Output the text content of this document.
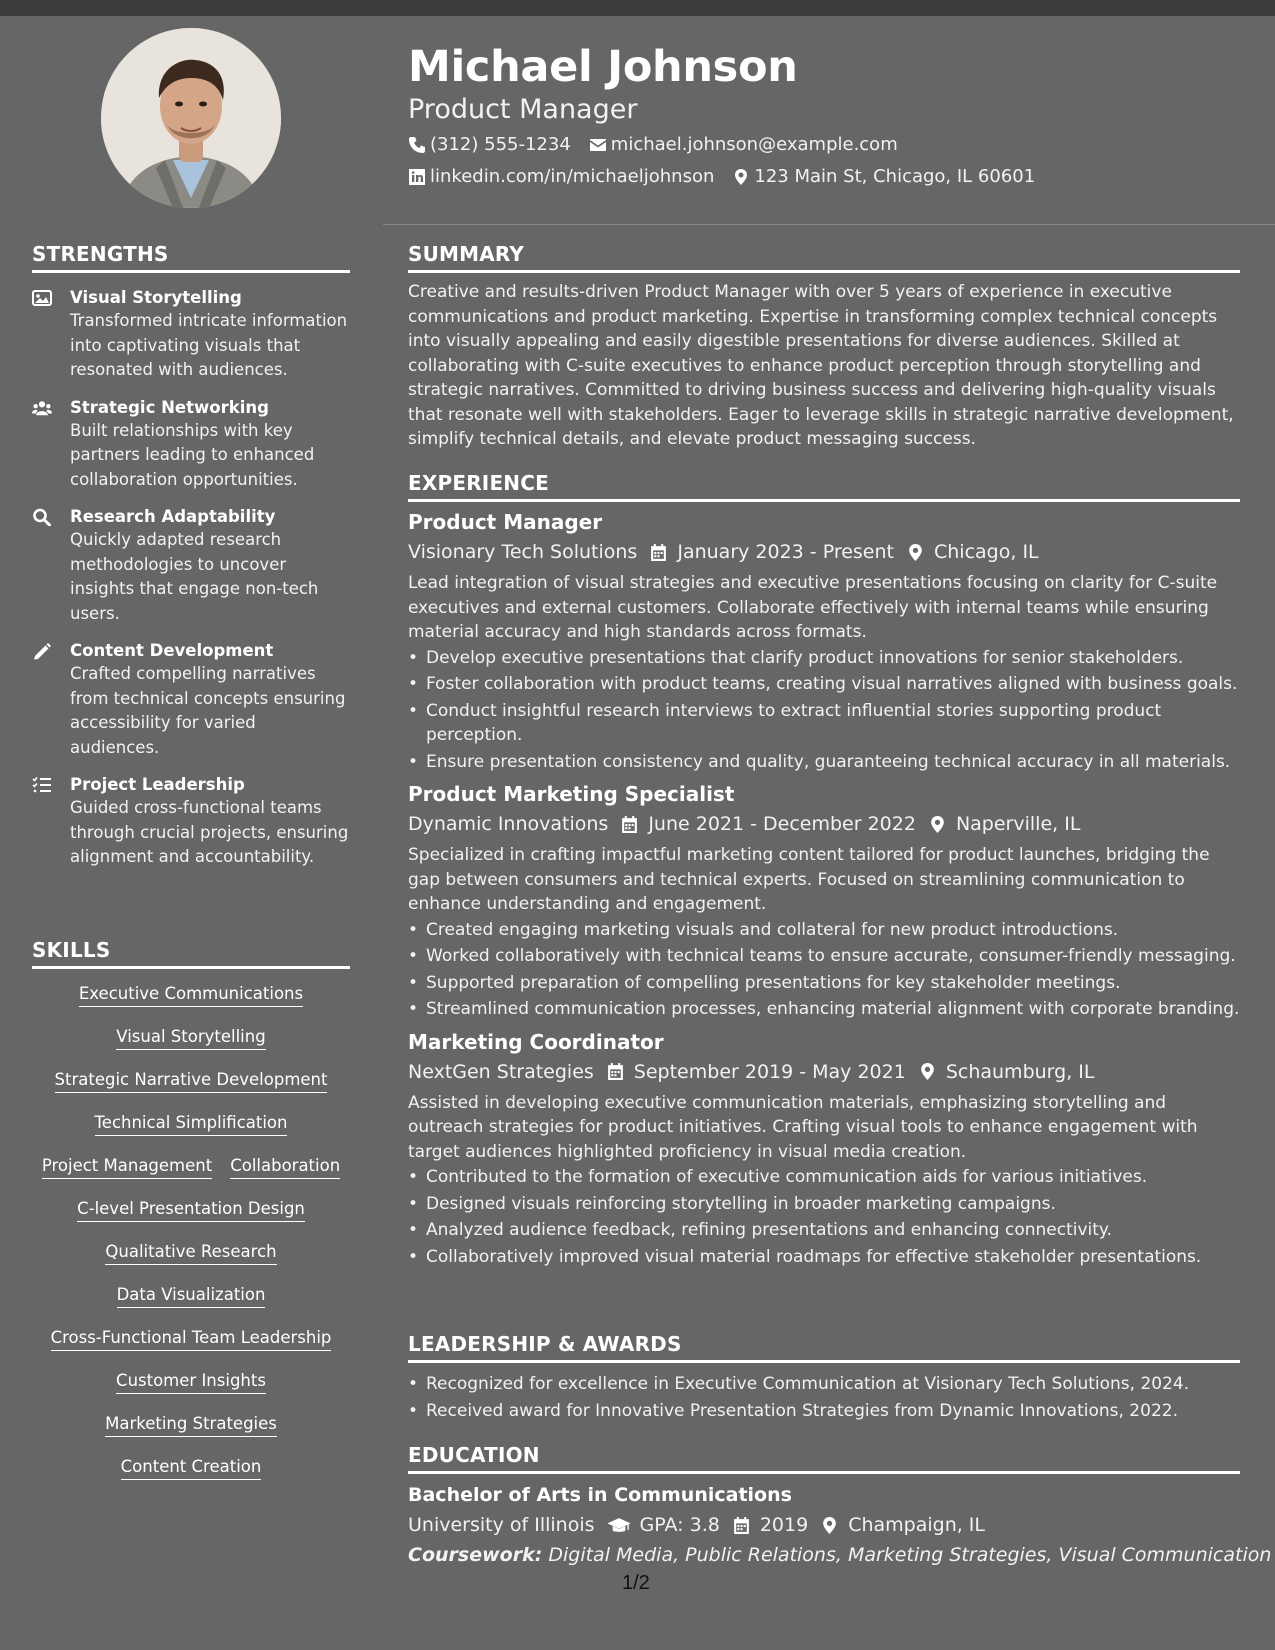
STRENGTHS
Visual Storytelling
Transformed intricate information into captivating visuals that resonated with audiences.
Strategic Networking
Built relationships with key partners leading to enhanced collaboration opportunities.
Research Adaptability
Quickly adapted research methodologies to uncover insights that engage non-tech users.
Content Development
Crafted compelling narratives from technical concepts ensuring accessibility for varied audiences.
Project Leadership
Guided cross-functional teams through crucial projects, ensuring alignment and accountability.
SKILLS
Executive Communications
Visual Storytelling
Strategic Narrative Development
Technical Simplification
Project Management Collaboration
C-level Presentation Design
Qualitative Research
Data Visualization
Cross-Functional Team Leadership
Customer Insights
Marketing Strategies
Content Creation
Michael Johnson
Product Manager
(312) 555-1234 michael.johnson@example.com
linkedin.com/in/michaeljohnson 123 Main St, Chicago, IL 60601
SUMMARY
Creative and results-driven Product Manager with over 5 years of experience in executive communications and product marketing. Expertise in transforming complex technical concepts into visually appealing and easily digestible presentations for diverse audiences. Skilled at collaborating with C-suite executives to enhance product perception through storytelling and strategic narratives. Committed to driving business success and delivering high-quality visuals that resonate well with stakeholders. Eager to leverage skills in strategic narrative development, simplify technical details, and elevate product messaging success.
EXPERIENCE
Product Manager
Visionary Tech Solutions January 2023 - Present Chicago, IL
Lead integration of visual strategies and executive presentations focusing on clarity for C-suite executives and external customers. Collaborate effectively with internal teams while ensuring material accuracy and high standards across formats.
• Develop executive presentations that clarify product innovations for senior stakeholders.
• Foster collaboration with product teams, creating visual narratives aligned with business goals.
• Conduct insightful research interviews to extract influential stories supporting product perception.
• Ensure presentation consistency and quality, guaranteeing technical accuracy in all materials.
Product Marketing Specialist
Dynamic Innovations June 2021 - December 2022 Naperville, IL
Specialized in crafting impactful marketing content tailored for product launches, bridging the gap between consumers and technical experts. Focused on streamlining communication to enhance understanding and engagement.
• Created engaging marketing visuals and collateral for new product introductions.
• Worked collaboratively with technical teams to ensure accurate, consumer-friendly messaging.
• Supported preparation of compelling presentations for key stakeholder meetings.
• Streamlined communication processes, enhancing material alignment with corporate branding.
Marketing Coordinator
NextGen Strategies September 2019 - May 2021 Schaumburg, IL
Assisted in developing executive communication materials, emphasizing storytelling and outreach strategies for product initiatives. Crafting visual tools to enhance engagement with target audiences highlighted proficiency in visual media creation.
• Contributed to the formation of executive communication aids for various initiatives.
• Designed visuals reinforcing storytelling in broader marketing campaigns.
• Analyzed audience feedback, refining presentations and enhancing connectivity.
• Collaboratively improved visual material roadmaps for effective stakeholder presentations.
LEADERSHIP & AWARDS
• Recognized for excellence in Executive Communication at Visionary Tech Solutions, 2024.
• Received award for Innovative Presentation Strategies from Dynamic Innovations, 2022.
EDUCATION
Bachelor of Arts in Communications
University of Illinois GPA: 3.8 2019 Champaign, IL
Coursework: Digital Media, Public Relations, Marketing Strategies, Visual Communication
1/2
